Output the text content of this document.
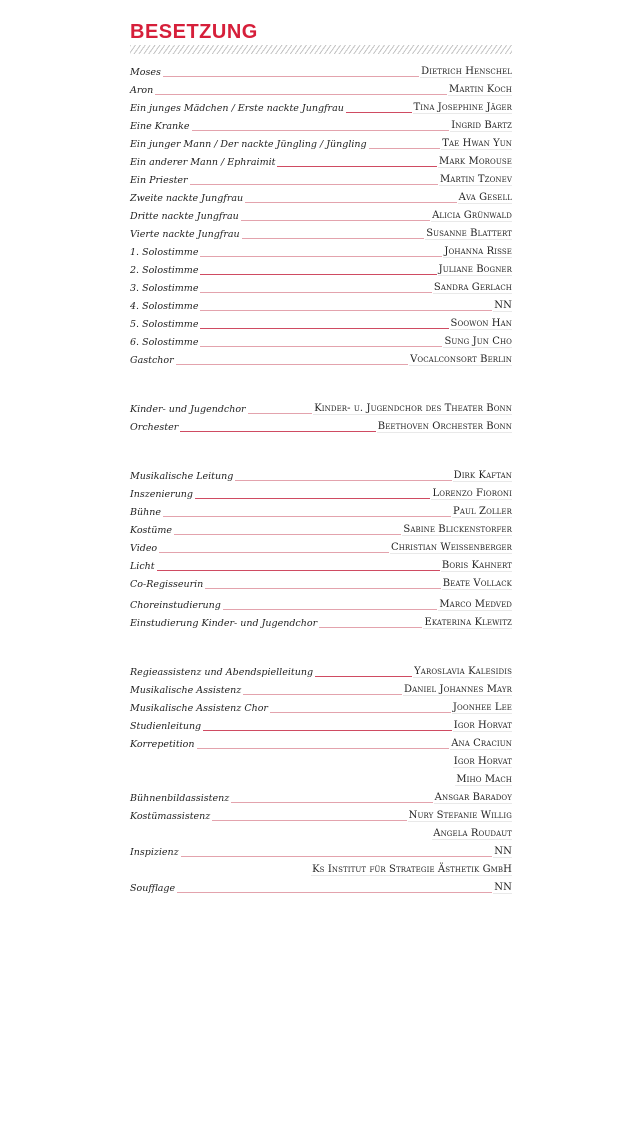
BESETZUNG
Moses	Dietrich Henschel
Aron	Martin Koch
Ein junges Mädchen / Erste nackte Jungfrau	Tina Josephine Jäger
Eine Kranke	Ingrid Bartz
Ein junger Mann / Der nackte Jüngling / Jüngling	Tae Hwan Yun
Ein anderer Mann / Ephraimit	Mark Morouse
Ein Priester	Martin Tzonev
Zweite nackte Jungfrau	Ava Gesell
Dritte nackte Jungfrau	Alicia Grünwald
Vierte nackte Jungfrau	Susanne Blattert
1. Solostimme	Johanna Risse
2. Solostimme	Juliane Bogner
3. Solostimme	Sandra Gerlach
4. Solostimme	NN
5. Solostimme	Soowon Han
6. Solostimme	Sung Jun Cho
Gastchor	Vocalconsort Berlin
Kinder- und Jugendchor	Kinder- u. Jugendchor des Theater Bonn
Orchester	Beethoven Orchester Bonn
Musikalische Leitung	Dirk Kaftan
Inszenierung	Lorenzo Fioroni
Bühne	Paul Zoller
Kostüme	Sabine Blickenstorfer
Video	Christian Weissenberger
Licht	Boris Kahnert
Co-Regisseurin	Beate Vollack
Choreinstudierung	Marco Medved
Einstudierung Kinder- und Jugendchor	Ekaterina Klewitz
Regieassistenz und Abendspielleitung	Yaroslavia Kalesidis
Musikalische Assistenz	Daniel Johannes Mayr
Musikalische Assistenz Chor	Joonhee Lee
Studienleitung	Igor Horvat
Korrepetition	Ana Craciun
Igor Horvat
Miho Mach
Bühnenbildassistenz	Ansgar Baradoy
Kostümassistenz	Nury Stefanie Willig
Angela Roudaut
Inspizienz	NN
Ks Institut für Strategie Ästhetik GmbH
Soufflage	NN
